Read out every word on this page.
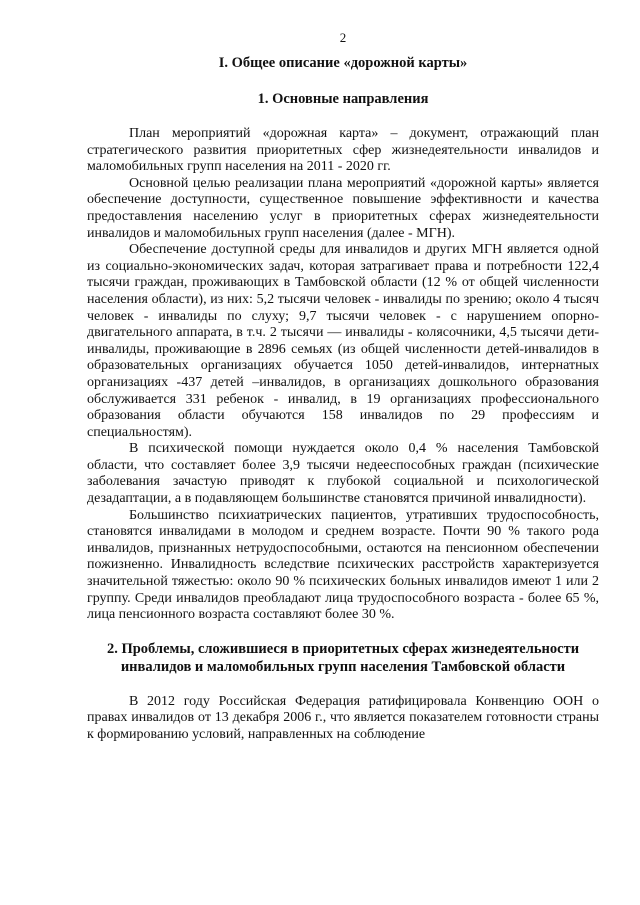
2
I. Общее описание «дорожной карты»
1. Основные направления

План мероприятий «дорожная карта» – документ, отражающий план стратегического развития приоритетных сфер жизнедеятельности инвалидов и маломобильных групп населения на 2011 - 2020 гг.

Основной целью реализации плана мероприятий «дорожной карты» является обеспечение доступности, существенное повышение эффективности и качества предоставления населению услуг в приоритетных сферах жизнедеятельности инвалидов и маломобильных групп населения (далее - МГН).

Обеспечение доступной среды для инвалидов и других МГН является одной из социально-экономических задач, которая затрагивает права и потребности 122,4 тысячи граждан, проживающих в Тамбовской области (12 % от общей численности населения области), из них: 5,2 тысячи человек - инвалиды по зрению; около 4 тысяч человек - инвалиды по слуху; 9,7 тысячи человек - с нарушением опорно-двигательного аппарата, в т.ч. 2 тысячи — инвалиды - колясочники, 4,5 тысячи дети- инвалиды, проживающие в 2896 семьях (из общей численности детей-инвалидов в образовательных организациях обучается 1050 детей-инвалидов, интернатных организациях -437 детей –инвалидов, в организациях дошкольного образования обслуживается 331 ребенок - инвалид, в 19 организациях профессионального образования области обучаются 158 инвалидов по 29 профессиям и специальностям).

В психической помощи нуждается около 0,4 % населения Тамбовской области, что составляет более 3,9 тысячи недееспособных граждан (психические заболевания зачастую приводят к глубокой социальной и психологической дезадаптации, а в подавляющем большинстве становятся причиной инвалидности).

Большинство психиатрических пациентов, утративших трудоспособность, становятся инвалидами в молодом и среднем возрасте. Почти 90 % такого рода инвалидов, признанных нетрудоспособными, остаются на пенсионном обеспечении пожизненно. Инвалидность вследствие психических расстройств характеризуется значительной тяжестью: около 90 % психических больных инвалидов имеют 1 или 2 группу. Среди инвалидов преобладают лица трудоспособного возраста - более 65 %, лица пенсионного возраста составляют более 30 %.

2. Проблемы, сложившиеся в приоритетных сферах жизнедеятельности инвалидов и маломобильных групп населения Тамбовской области

В 2012 году Российская Федерация ратифицировала Конвенцию ООН о правах инвалидов от 13 декабря 2006 г., что является показателем готовности страны к формированию условий, направленных на соблюдение
